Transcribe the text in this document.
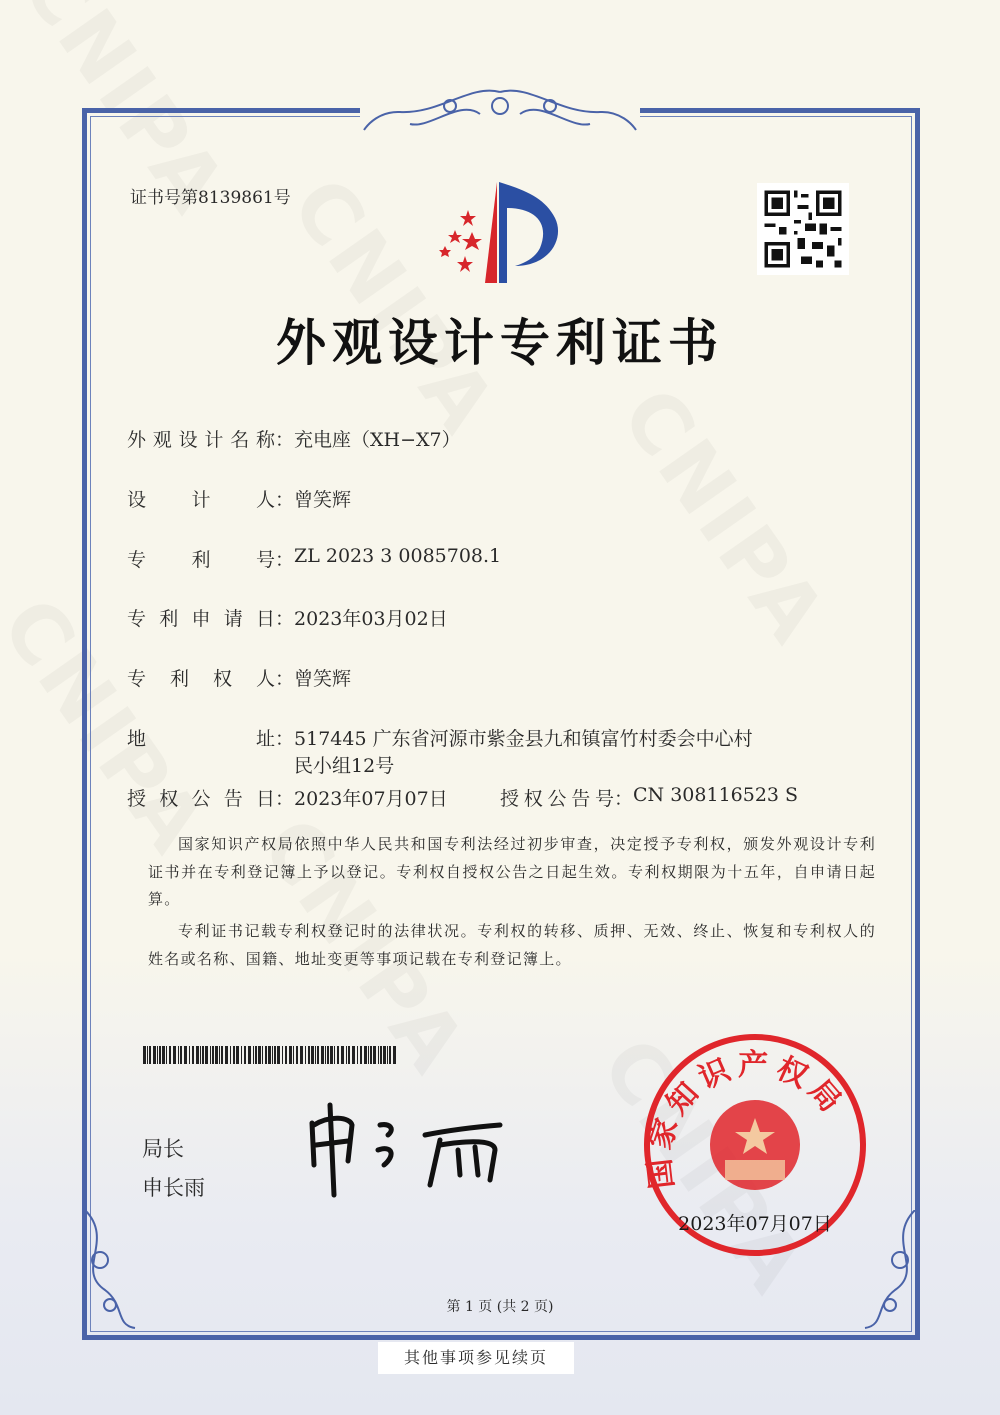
证书号第8139861号
外观设计专利证书
外观设计名称 ： 充电座（XH−X7）
设计人 ： 曾笑辉
专利号 ： ZL 2023 3 0085708.1
专利申请日 ： 2023年03月02日
专利权人 ： 曾笑辉
地址 ： 517445 广东省河源市紫金县九和镇富竹村委会中心村
民小组12号
授权公告日 ： 2023年07月07日	授权公告号 ： CN 308116523 S
国家知识产权局依照中华人民共和国专利法经过初步审查，决定授予专利权，颁发外观设计专利证书并在专利登记簿上予以登记。专利权自授权公告之日起生效。专利权期限为十五年，自申请日起算。
专利证书记载专利权登记时的法律状况。专利权的转移、质押、无效、终止、恢复和专利权人的姓名或名称、国籍、地址变更等事项记载在专利登记簿上。
局长
申长雨	国家知识产权局
2023年07月07日
第 1 页 (共 2 页)
其他事项参见续页
